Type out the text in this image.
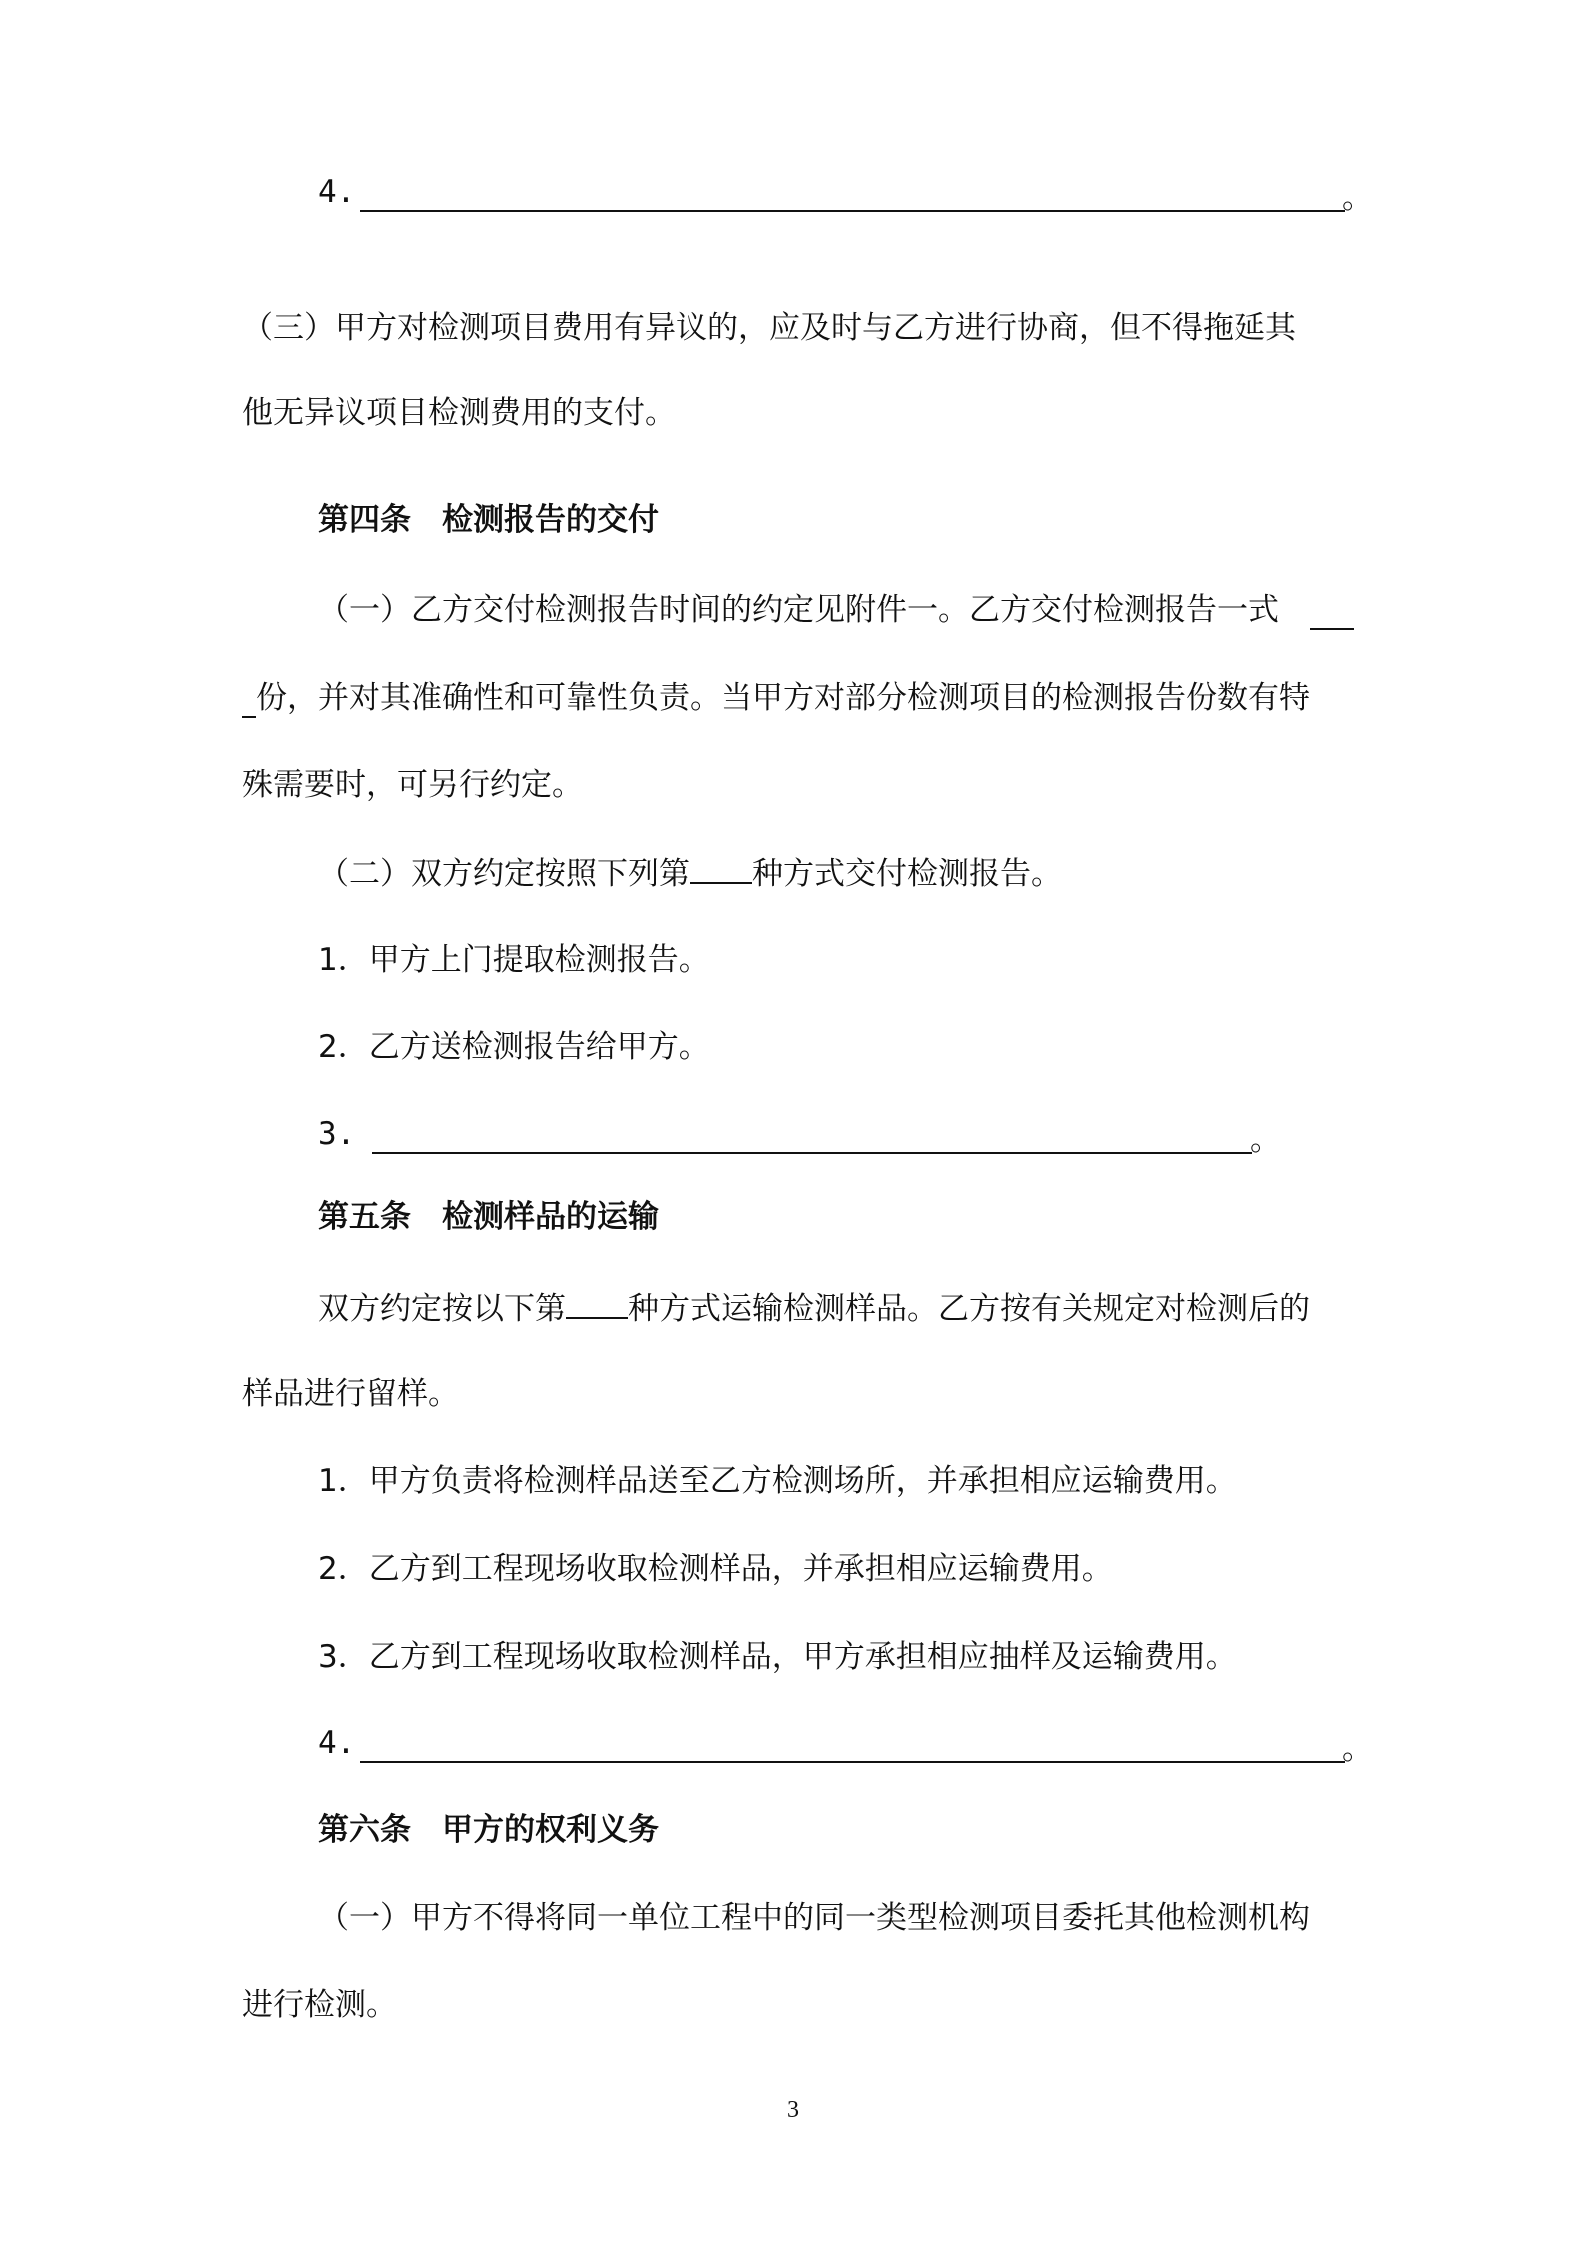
4.	。
（三）甲方对检测项目费用有异议的，应及时与乙方进行协商，但不得拖延其
他无异议项目检测费用的支付。
第四条　检测报告的交付
（一）乙方交付检测报告时间的约定见附件一。乙方交付检测报告一式
份，并对其准确性和可靠性负责。当甲方对部分检测项目的检测报告份数有特
殊需要时，可另行约定。
（二）双方约定按照下列第 种方式交付检测报告。
1．甲方上门提取检测报告。
2．乙方送检测报告给甲方。
3.	。
第五条　检测样品的运输
双方约定按以下第 种方式运输检测样品。乙方按有关规定对检测后的
样品进行留样。
1．甲方负责将检测样品送至乙方检测场所，并承担相应运输费用。
2．乙方到工程现场收取检测样品，并承担相应运输费用。
3．乙方到工程现场收取检测样品，甲方承担相应抽样及运输费用。
4.	。
第六条　甲方的权利义务
（一）甲方不得将同一单位工程中的同一类型检测项目委托其他检测机构
进行检测。
3
